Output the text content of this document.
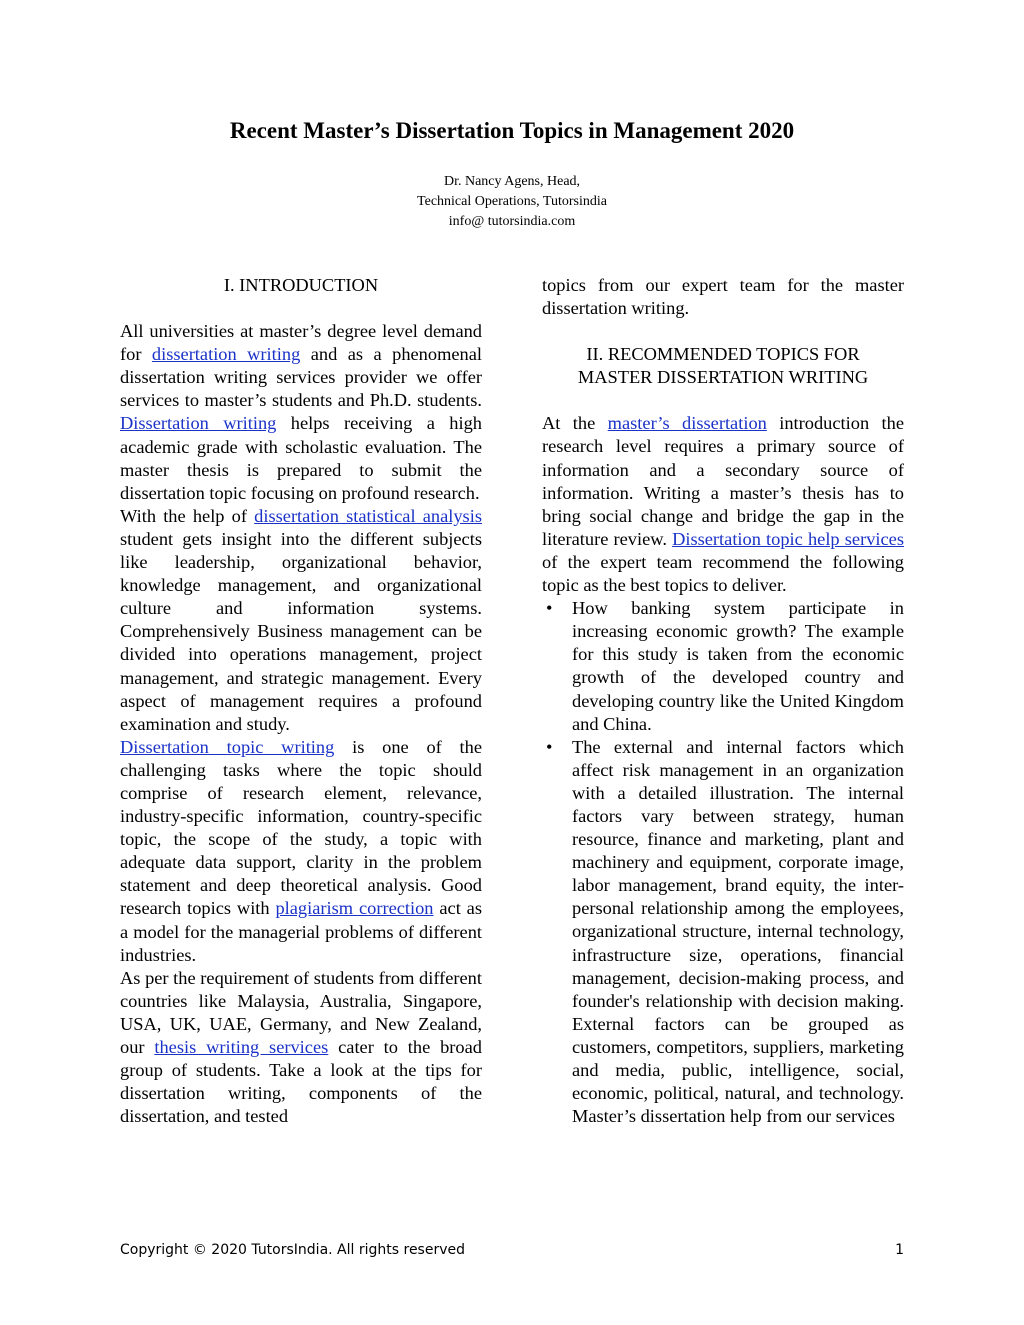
Recent Master’s Dissertation Topics in Management 2020
Dr. Nancy Agens, Head,
Technical Operations, Tutorsindia
info@ tutorsindia.com

I. INTRODUCTION

All universities at master’s degree level demand for dissertation writing and as a phenomenal dissertation writing services provider we offer services to master’s students and Ph.D. students. Dissertation writing helps receiving a high academic grade with scholastic evaluation. The master thesis is prepared to submit the dissertation topic focusing on profound research.

With the help of dissertation statistical analysis student gets insight into the different subjects like leadership, organizational behavior, knowledge management, and organizational culture and information systems. Comprehensively Business management can be divided into operations management, project management, and strategic management. Every aspect of management requires a profound examination and study.

Dissertation topic writing is one of the challenging tasks where the topic should comprise of research element, relevance, industry-specific information, country-specific topic, the scope of the study, a topic with adequate data support, clarity in the problem statement and deep theoretical analysis. Good research topics with plagiarism correction act as a model for the managerial problems of different industries.

As per the requirement of students from different countries like Malaysia, Australia, Singapore, USA, UK, UAE, Germany, and New Zealand, our thesis writing services cater to the broad group of students. Take a look at the tips for dissertation writing, components of the dissertation, and tested

topics from our expert team for the master dissertation writing.

II. RECOMMENDED TOPICS FOR
MASTER DISSERTATION WRITING

At the master’s dissertation introduction the research level requires a primary source of information and a secondary source of information. Writing a master’s thesis has to bring social change and bridge the gap in the literature review. Dissertation topic help services of the expert team recommend the following topic as the best topics to deliver.

• How banking system participate in increasing economic growth? The example for this study is taken from the economic growth of the developed country and developing country like the United Kingdom and China.
• The external and internal factors which affect risk management in an organization with a detailed illustration. The internal factors vary between strategy, human resource, finance and marketing, plant and machinery and equipment, corporate image, labor management, brand equity, the inter-personal relationship among the employees, organizational structure, internal technology, infrastructure size, operations, financial management, decision-making process, and founder's relationship with decision making. External factors can be grouped as customers, competitors, suppliers, marketing and media, public, intelligence, social, economic, political, natural, and technology. Master’s dissertation help from our services
Copyright © 2020 TutorsIndia. All rights reserved	1
